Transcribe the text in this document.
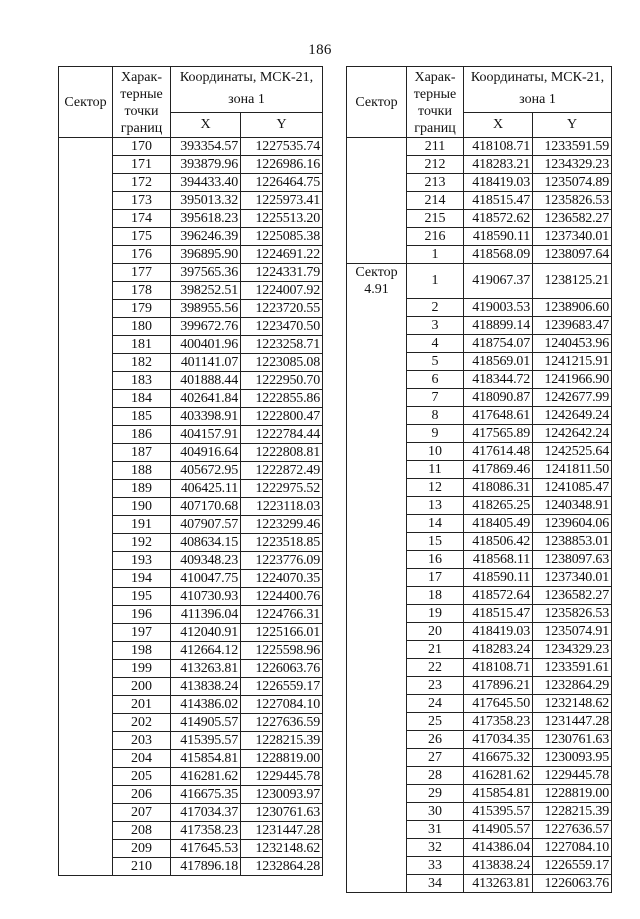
186
Сектор	Харак-терные точки границ	Координаты, МСК-21, зона 1	
		X	Y
	170	393354.57	1227535.74
	171	393879.96	1226986.16
	172	394433.40	1226464.75
	173	395013.32	1225973.41
	174	395618.23	1225513.20
	175	396246.39	1225085.38
	176	396895.90	1224691.22
	177	397565.36	1224331.79
	178	398252.51	1224007.92
	179	398955.56	1223720.55
	180	399672.76	1223470.50
	181	400401.96	1223258.71
	182	401141.07	1223085.08
	183	401888.44	1222950.70
	184	402641.84	1222855.86
	185	403398.91	1222800.47
	186	404157.91	1222784.44
	187	404916.64	1222808.81
	188	405672.95	1222872.49
	189	406425.11	1222975.52
	190	407170.68	1223118.03
	191	407907.57	1223299.46
	192	408634.15	1223518.85
	193	409348.23	1223776.09
	194	410047.75	1224070.35
	195	410730.93	1224400.76
	196	411396.04	1224766.31
	197	412040.91	1225166.01
	198	412664.12	1225598.96
	199	413263.81	1226063.76
	200	413838.24	1226559.17
	201	414386.02	1227084.10
	202	414905.57	1227636.59
	203	415395.57	1228215.39
	204	415854.81	1228819.00
	205	416281.62	1229445.78
	206	416675.35	1230093.97
	207	417034.37	1230761.63
	208	417358.23	1231447.28
	209	417645.53	1232148.62
	210	417896.18	1232864.28
Сектор	Харак-терные точки границ	Координаты, МСК-21, зона 1	
		X	Y
	211	418108.71	1233591.59
	212	418283.21	1234329.23
	213	418419.03	1235074.89
	214	418515.47	1235826.53
	215	418572.62	1236582.27
	216	418590.11	1237340.01
	1	418568.09	1238097.64

Сектор 4.91	1	419067.37	1238125.21
	2	419003.53	1238906.60
	3	418899.14	1239683.47
	4	418754.07	1240453.96
	5	418569.01	1241215.91
	6	418344.72	1241966.90
	7	418090.87	1242677.99
	8	417648.61	1242649.24
	9	417565.89	1242642.24
	10	417614.48	1242525.64
	11	417869.46	1241811.50
	12	418086.31	1241085.47
	13	418265.25	1240348.91
	14	418405.49	1239604.06
	15	418506.42	1238853.01
	16	418568.11	1238097.63
	17	418590.11	1237340.01
	18	418572.64	1236582.27
	19	418515.47	1235826.53
	20	418419.03	1235074.91
	21	418283.24	1234329.23
	22	418108.71	1233591.61
	23	417896.21	1232864.29
	24	417645.50	1232148.62
	25	417358.23	1231447.28
	26	417034.35	1230761.63
	27	416675.32	1230093.95
	28	416281.62	1229445.78
	29	415854.81	1228819.00
	30	415395.57	1228215.39
	31	414905.57	1227636.57
	32	414386.04	1227084.10
	33	413838.24	1226559.17
	34	413263.81	1226063.76
